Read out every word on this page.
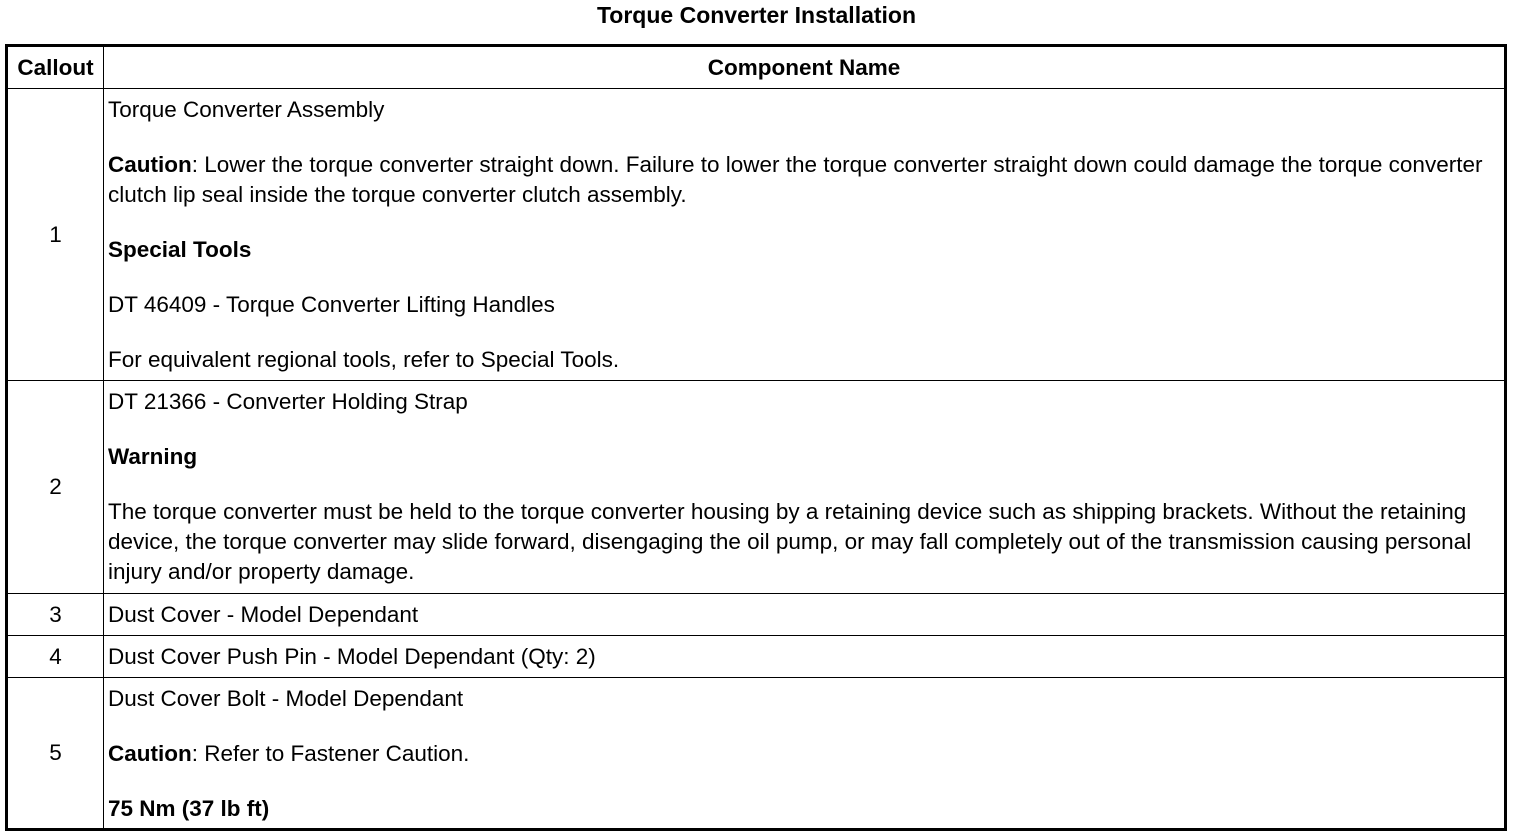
Torque Converter Installation
Callout	Component Name
1	Torque Converter Assembly

Caution: Lower the torque converter straight down. Failure to lower the torque converter straight down could damage the torque converter clutch lip seal inside the torque converter clutch assembly.

Special Tools

DT 46409 - Torque Converter Lifting Handles

For equivalent regional tools, refer to Special Tools.

2	DT 21366 - Converter Holding Strap

Warning

The torque converter must be held to the torque converter housing by a retaining device such as shipping brackets. Without the retaining device, the torque converter may slide forward, disengaging the oil pump, or may fall completely out of the transmission causing personal injury and/or property damage.

3	Dust Cover - Model Dependant
4	Dust Cover Push Pin - Model Dependant (Qty: 2)
5	Dust Cover Bolt - Model Dependant

Caution: Refer to Fastener Caution.

75 Nm (37 lb ft)
